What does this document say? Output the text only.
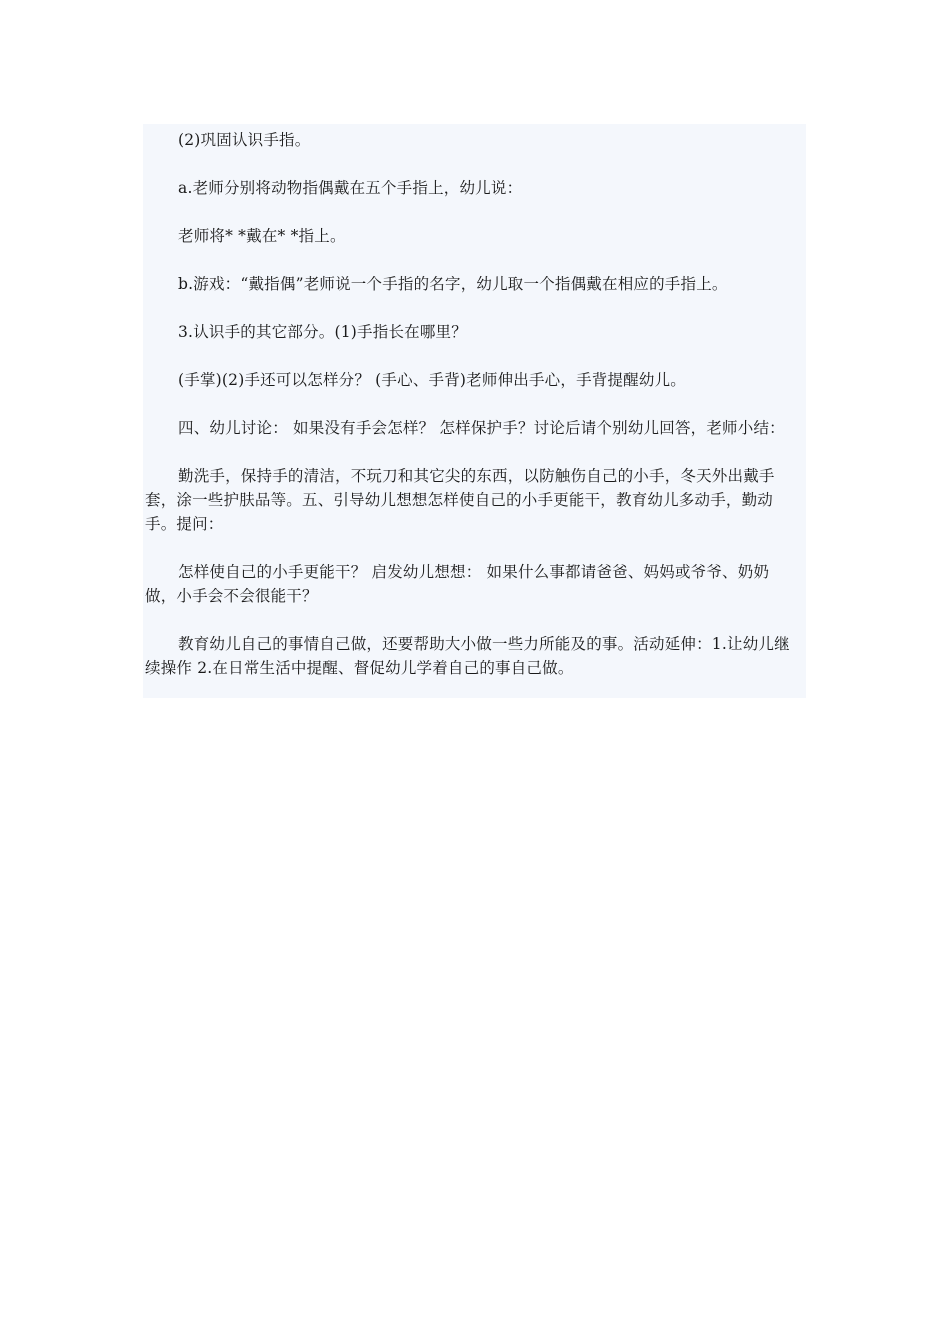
(2)巩固认识手指。

a.老师分别将动物指偶戴在五个手指上，幼儿说：

老师将* *戴在* *指上。

b.游戏：“戴指偶”老师说一个手指的名字，幼儿取一个指偶戴在相应的手指上。

3.认识手的其它部分。(1)手指长在哪里？

(手掌)(2)手还可以怎样分？ (手心、手背)老师伸出手心，手背提醒幼儿。

四、幼儿讨论： 如果没有手会怎样？ 怎样保护手？讨论后请个别幼儿回答，老师小结：

勤洗手，保持手的清洁，不玩刀和其它尖的东西，以防触伤自己的小手，冬天外出戴手套，涂一些护肤品等。五、引导幼儿想想怎样使自己的小手更能干，教育幼儿多动手，勤动手。提问：

怎样使自己的小手更能干？ 启发幼儿想想： 如果什么事都请爸爸、妈妈或爷爷、奶奶做，小手会不会很能干？

教育幼儿自己的事情自己做，还要帮助大小做一些力所能及的事。活动延伸：1.让幼儿继续操作 2.在日常生活中提醒、督促幼儿学着自己的事自己做。
